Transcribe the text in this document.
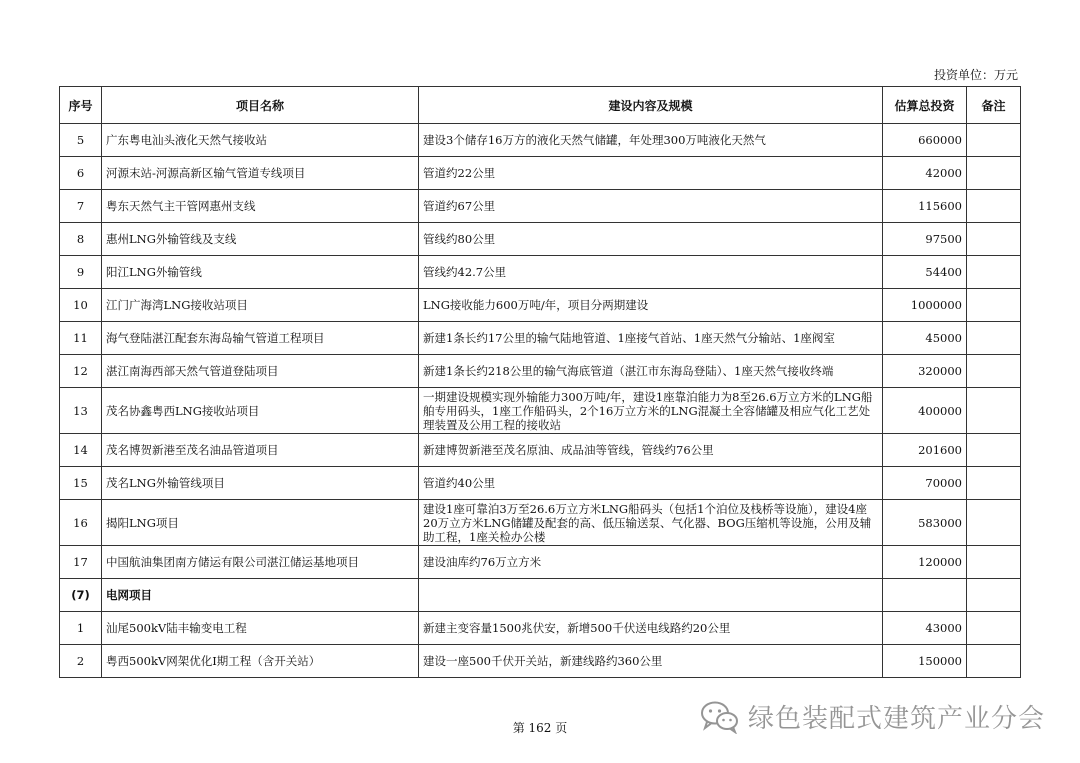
投资单位：万元
序号	项目名称	建设内容及规模	估算总投资	备注
5	广东粤电汕头液化天然气接收站	建设3个储存16万方的液化天然气储罐，年处理300万吨液化天然气	660000	
6	河源末站-河源高新区输气管道专线项目	管道约22公里	42000	
7	粤东天然气主干管网惠州支线	管道约67公里	115600	
8	惠州LNG外输管线及支线	管线约80公里	97500	
9	阳江LNG外输管线	管线约42.7公里	54400	
10	江门广海湾LNG接收站项目	LNG接收能力600万吨/年，项目分两期建设	1000000	
11	海气登陆湛江配套东海岛输气管道工程项目	新建1条长约17公里的输气陆地管道、1座接气首站、1座天然气分输站、1座阀室	45000	
12	湛江南海西部天然气管道登陆项目	新建1条长约218公里的输气海底管道（湛江市东海岛登陆）、1座天然气接收终端	320000	
13	茂名协鑫粤西LNG接收站项目	一期建设规模实现外输能力300万吨/年，建设1座靠泊能力为8至26.6万立方米的LNG船舶专用码头，1座工作船码头，2个16万立方米的LNG混凝土全容储罐及相应气化工艺处理装置及公用工程的接收站	400000	
14	茂名博贺新港至茂名油品管道项目	新建博贺新港至茂名原油、成品油等管线，管线约76公里	201600	
15	茂名LNG外输管线项目	管道约40公里	70000	
16	揭阳LNG项目	建设1座可靠泊3万至26.6万立方米LNG船码头（包括1个泊位及栈桥等设施），建设4座20万立方米LNG储罐及配套的高、低压输送泵、气化器、BOG压缩机等设施，公用及辅助工程，1座关检办公楼	583000	
17	中国航油集团南方储运有限公司湛江储运基地项目	建设油库约76万立方米	120000	
(7)	电网项目			
1	汕尾500kV陆丰输变电工程	新建主变容量1500兆伏安，新增500千伏送电线路约20公里	43000	
2	粤西500kV网架优化Ⅰ期工程（含开关站）	建设一座500千伏开关站，新建线路约360公里	150000	
第 162 页	绿色装配式建筑产业分会
